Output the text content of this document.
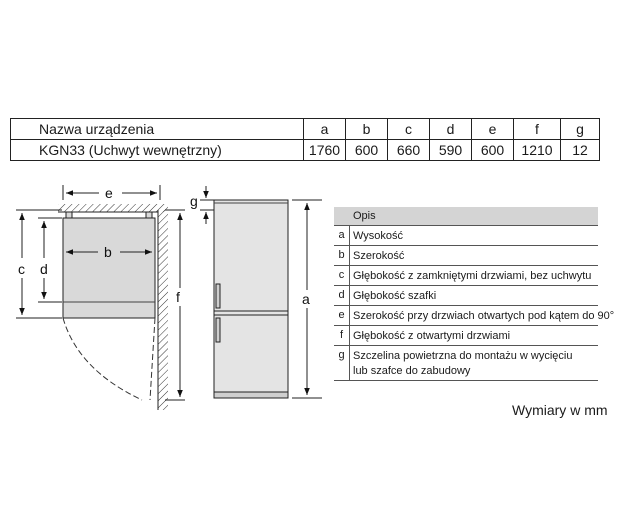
Nazwa urządzenia	a	b	c	d	e	f	g
KGN33 (Uchwyt wewnętrzny)	1760	600	660	590	600	1210	12
e
b
c d
f
g
a
Opis
a Wysokość
b Szerokość
c Głębokość z zamkniętymi drzwiami, bez uchwytu
d Głębokość szafki
e Szerokość przy drzwiach otwartych pod kątem do 90°
f Głębokość z otwartymi drzwiami
g Szczelina powietrzna do montażu w wycięciu
lub szafce do zabudowy
Wymiary w mm
